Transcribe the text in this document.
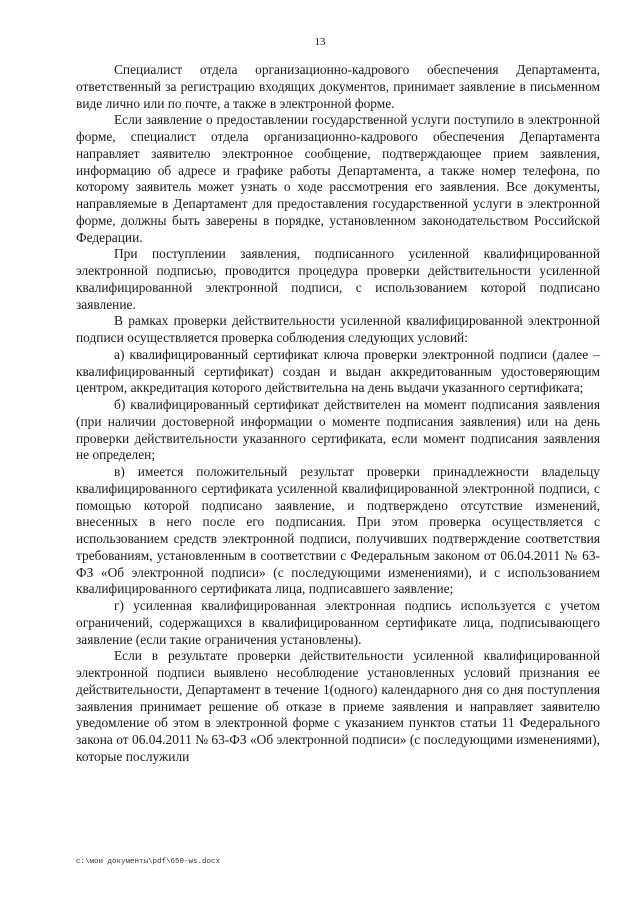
13

Специалист отдела организационно-кадрового обеспечения Департамента, ответственный за регистрацию входящих документов, принимает заявление в письменном виде лично или по почте, а также в электронной форме.

Если заявление о предоставлении государственной услуги поступило в электронной форме, специалист отдела организационно-кадрового обеспечения Департамента направляет заявителю электронное сообщение, подтверждающее прием заявления, информацию об адресе и графике работы Департамента, а также номер телефона, по которому заявитель может узнать о ходе рассмотрения его заявления. Все документы, направляемые в Департамент для предоставления государственной услуги в электронной форме, должны быть заверены в порядке, установленном законодательством Российской Федерации.

При поступлении заявления, подписанного усиленной квалифицированной электронной подписью, проводится процедура проверки действительности усиленной квалифицированной электронной подписи, с использованием которой подписано заявление.

В рамках проверки действительности усиленной квалифицированной электронной подписи осуществляется проверка соблюдения следующих условий:

а) квалифицированный сертификат ключа проверки электронной подписи (далее – квалифицированный сертификат) создан и выдан аккредитованным удостоверяющим центром, аккредитация которого действительна на день выдачи указанного сертификата;

б) квалифицированный сертификат действителен на момент подписания заявления (при наличии достоверной информации о моменте подписания заявления) или на день проверки действительности указанного сертификата, если момент подписания заявления не определен;

в) имеется положительный результат проверки принадлежности владельцу квалифицированного сертификата усиленной квалифицированной электронной подписи, с помощью которой подписано заявление, и подтверждено отсутствие изменений, внесенных в него после его подписания. При этом проверка осуществляется с использованием средств электронной подписи, получивших подтверждение соответствия требованиям, установленным в соответствии с Федеральным законом от 06.04.2011 № 63-ФЗ «Об электронной подписи» (с последующими изменениями), и с использованием квалифицированного сертификата лица, подписавшего заявление;

г) усиленная квалифицированная электронная подпись используется с учетом ограничений, содержащихся в квалифицированном сертификате лица, подписывающего заявление (если такие ограничения установлены).

Если в результате проверки действительности усиленной квалифицированной электронной подписи выявлено несоблюдение установленных условий признания ее действительности, Департамент в течение 1(одного) календарного дня со дня поступления заявления принимает решение об отказе в приеме заявления и направляет заявителю уведомление об этом в электронной форме с указанием пунктов статьи 11 Федерального закона от 06.04.2011 № 63-ФЗ «Об электронной подписи» (с последующими изменениями), которые послужили

c:\мои документы\pdf\650-ws.docx
